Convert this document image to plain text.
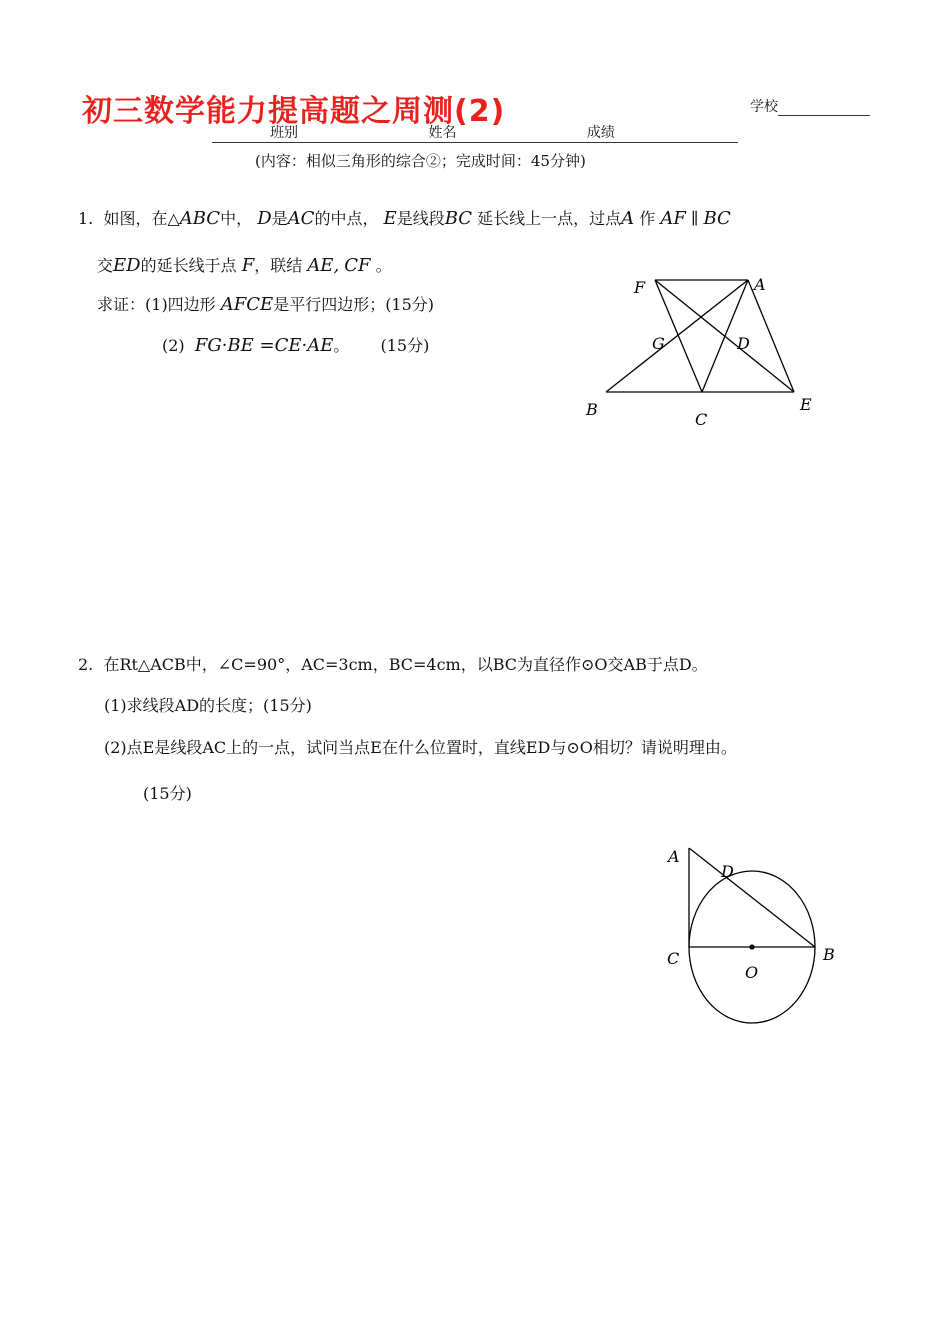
初三数学能力提高题之周测(2)	学校
班别	姓名	成绩
(内容：相似三角形的综合②；完成时间：45分钟)
1. 如图，在△ABC中， D是AC的中点， E是线段BC 延长线上一点，过点A 作 AF ∥ BC
交ED的延长线于点 F，联结 AE, CF 。
求证：(1)四边形 AFCE是平行四边形；(15分)
(2) FG·BE =CE·AE。 (15分)
F	A
G	D
B
C
E
2. 在Rt△ACB中，∠C=90°，AC=3cm，BC=4cm，以BC为直径作⊙O交AB于点D。
(1)求线段AD的长度；(15分)
(2)点E是线段AC上的一点，试问当点E在什么位置时，直线ED与⊙O相切？请说明理由。
(15分)
A
D
C
O
B
